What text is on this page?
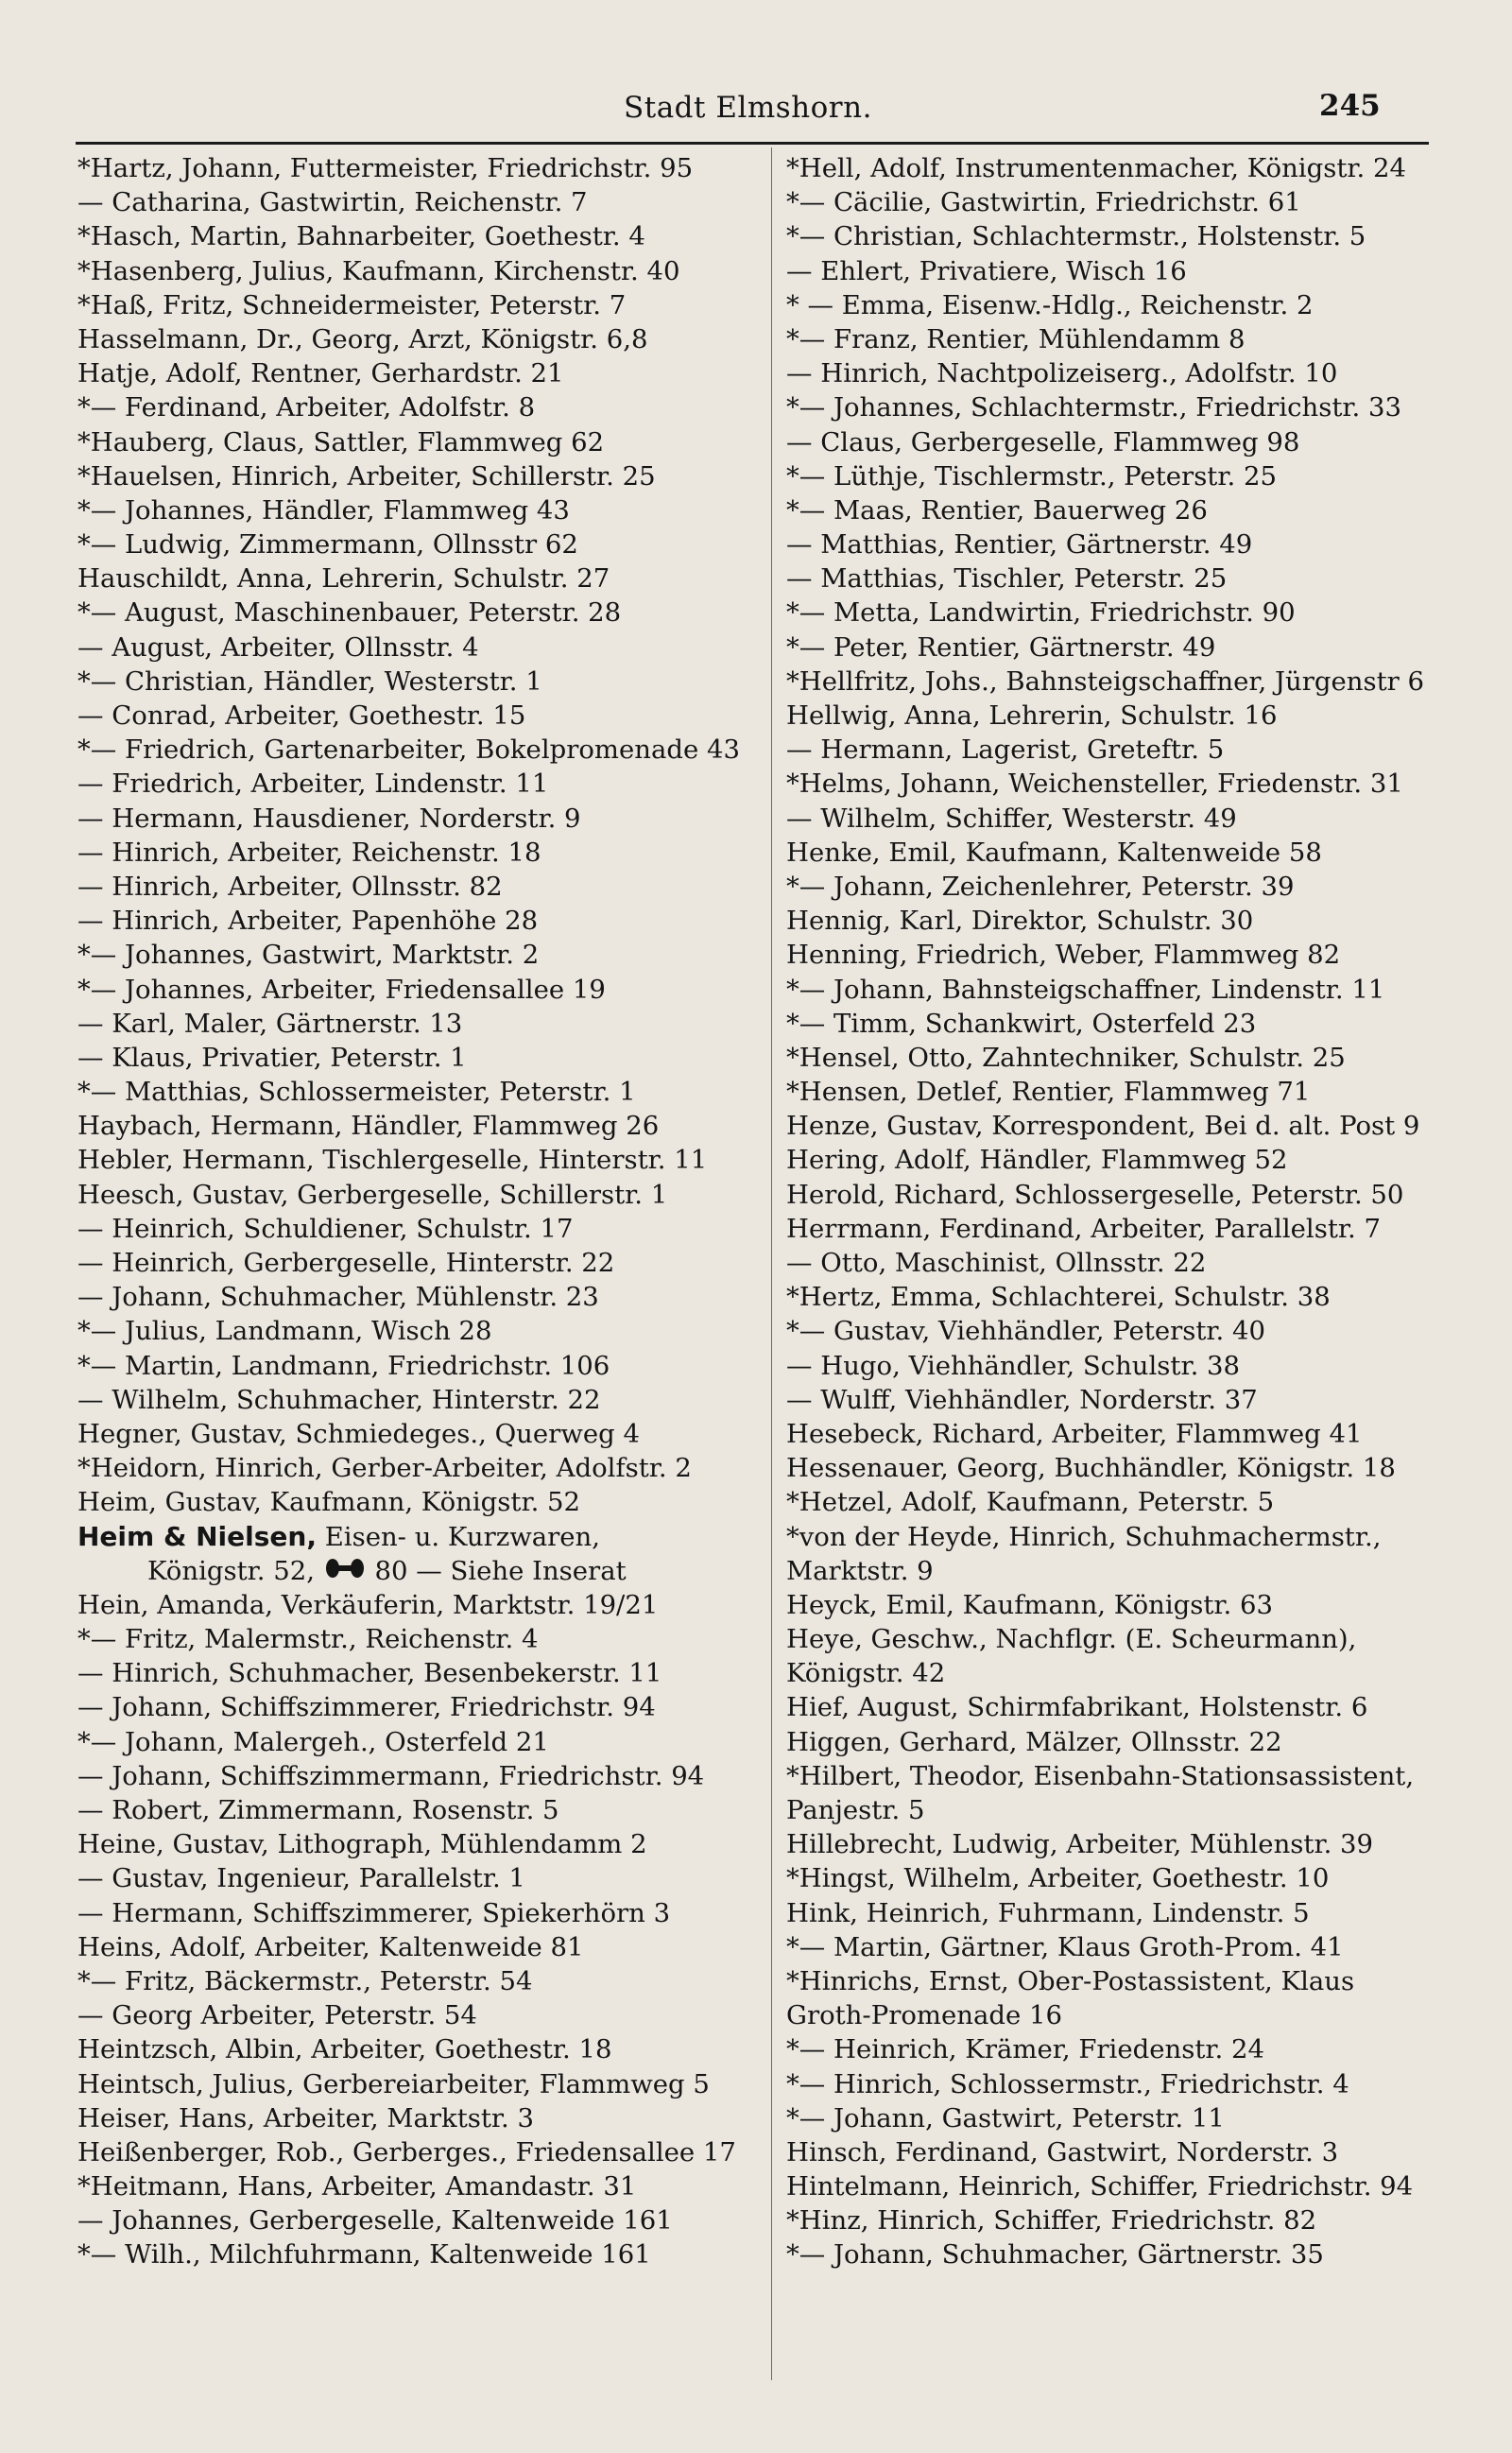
Stadt Elmshorn.	245
*Hartz, Johann, Futtermeister, Friedrichstr. 95
— Catharina, Gastwirtin, Reichenstr. 7
*Hasch, Martin, Bahnarbeiter, Goethestr. 4
*Hasenberg, Julius, Kaufmann, Kirchenstr. 40
*Haß, Fritz, Schneidermeister, Peterstr. 7
Hasselmann, Dr., Georg, Arzt, Königstr. 6,8
Hatje, Adolf, Rentner, Gerhardstr. 21
*— Ferdinand, Arbeiter, Adolfstr. 8
*Hauberg, Claus, Sattler, Flammweg 62
*Hauelsen, Hinrich, Arbeiter, Schillerstr. 25
*— Johannes, Händler, Flammweg 43
*— Ludwig, Zimmermann, Ollnsstr 62
Hauschildt, Anna, Lehrerin, Schulstr. 27
*— August, Maschinenbauer, Peterstr. 28
— August, Arbeiter, Ollnsstr. 4
*— Christian, Händler, Westerstr. 1
— Conrad, Arbeiter, Goethestr. 15
*— Friedrich, Gartenarbeiter, Bokelpromenade 43
— Friedrich, Arbeiter, Lindenstr. 11
— Hermann, Hausdiener, Norderstr. 9
— Hinrich, Arbeiter, Reichenstr. 18
— Hinrich, Arbeiter, Ollnsstr. 82
— Hinrich, Arbeiter, Papenhöhe 28
*— Johannes, Gastwirt, Marktstr. 2
*— Johannes, Arbeiter, Friedensallee 19
— Karl, Maler, Gärtnerstr. 13
— Klaus, Privatier, Peterstr. 1
*— Matthias, Schlossermeister, Peterstr. 1
Haybach, Hermann, Händler, Flammweg 26
Hebler, Hermann, Tischlergeselle, Hinterstr. 11
Heesch, Gustav, Gerbergeselle, Schillerstr. 1
— Heinrich, Schuldiener, Schulstr. 17
— Heinrich, Gerbergeselle, Hinterstr. 22
— Johann, Schuhmacher, Mühlenstr. 23
*— Julius, Landmann, Wisch 28
*— Martin, Landmann, Friedrichstr. 106
— Wilhelm, Schuhmacher, Hinterstr. 22
Hegner, Gustav, Schmiedeges., Querweg 4
*Heidorn, Hinrich, Gerber-Arbeiter, Adolfstr. 2
Heim, Gustav, Kaufmann, Königstr. 52
Heim & Nielsen, Eisen- u. Kurzwaren,
Königstr. 52, 80 — Siehe Inserat
Hein, Amanda, Verkäuferin, Marktstr. 19/21
*— Fritz, Malermstr., Reichenstr. 4
— Hinrich, Schuhmacher, Besenbekerstr. 11
— Johann, Schiffszimmerer, Friedrichstr. 94
*— Johann, Malergeh., Osterfeld 21
— Johann, Schiffszimmermann, Friedrichstr. 94
— Robert, Zimmermann, Rosenstr. 5
Heine, Gustav, Lithograph, Mühlendamm 2
— Gustav, Ingenieur, Parallelstr. 1
— Hermann, Schiffszimmerer, Spiekerhörn 3
Heins, Adolf, Arbeiter, Kaltenweide 81
*— Fritz, Bäckermstr., Peterstr. 54
— Georg Arbeiter, Peterstr. 54
Heintzsch, Albin, Arbeiter, Goethestr. 18
Heintsch, Julius, Gerbereiarbeiter, Flammweg 5
Heiser, Hans, Arbeiter, Marktstr. 3
Heißenberger, Rob., Gerberges., Friedensallee 17
*Heitmann, Hans, Arbeiter, Amandastr. 31
— Johannes, Gerbergeselle, Kaltenweide 161
*— Wilh., Milchfuhrmann, Kaltenweide 161
*Hell, Adolf, Instrumentenmacher, Königstr. 24
*— Cäcilie, Gastwirtin, Friedrichstr. 61
*— Christian, Schlachtermstr., Holstenstr. 5
— Ehlert, Privatiere, Wisch 16
* — Emma, Eisenw.-Hdlg., Reichenstr. 2
*— Franz, Rentier, Mühlendamm 8
— Hinrich, Nachtpolizeiserg., Adolfstr. 10
*— Johannes, Schlachtermstr., Friedrichstr. 33
— Claus, Gerbergeselle, Flammweg 98
*— Lüthje, Tischlermstr., Peterstr. 25
*— Maas, Rentier, Bauerweg 26
— Matthias, Rentier, Gärtnerstr. 49
— Matthias, Tischler, Peterstr. 25
*— Metta, Landwirtin, Friedrichstr. 90
*— Peter, Rentier, Gärtnerstr. 49
*Hellfritz, Johs., Bahnsteigschaffner, Jürgenstr 6
Hellwig, Anna, Lehrerin, Schulstr. 16
— Hermann, Lagerist, Greteftr. 5
*Helms, Johann, Weichensteller, Friedenstr. 31
— Wilhelm, Schiffer, Westerstr. 49
Henke, Emil, Kaufmann, Kaltenweide 58
*— Johann, Zeichenlehrer, Peterstr. 39
Hennig, Karl, Direktor, Schulstr. 30
Henning, Friedrich, Weber, Flammweg 82
*— Johann, Bahnsteigschaffner, Lindenstr. 11
*— Timm, Schankwirt, Osterfeld 23
*Hensel, Otto, Zahntechniker, Schulstr. 25
*Hensen, Detlef, Rentier, Flammweg 71
Henze, Gustav, Korrespondent, Bei d. alt. Post 9
Hering, Adolf, Händler, Flammweg 52
Herold, Richard, Schlossergeselle, Peterstr. 50
Herrmann, Ferdinand, Arbeiter, Parallelstr. 7
— Otto, Maschinist, Ollnsstr. 22
*Hertz, Emma, Schlachterei, Schulstr. 38
*— Gustav, Viehhändler, Peterstr. 40
— Hugo, Viehhändler, Schulstr. 38
— Wulff, Viehhändler, Norderstr. 37
Hesebeck, Richard, Arbeiter, Flammweg 41
Hessenauer, Georg, Buchhändler, Königstr. 18
*Hetzel, Adolf, Kaufmann, Peterstr. 5
*von der Heyde, Hinrich, Schuhmachermstr.,
Marktstr. 9
Heyck, Emil, Kaufmann, Königstr. 63
Heye, Geschw., Nachflgr. (E. Scheurmann),
Königstr. 42
Hief, August, Schirmfabrikant, Holstenstr. 6
Higgen, Gerhard, Mälzer, Ollnsstr. 22
*Hilbert, Theodor, Eisenbahn-Stationsassistent,
Panjestr. 5
Hillebrecht, Ludwig, Arbeiter, Mühlenstr. 39
*Hingst, Wilhelm, Arbeiter, Goethestr. 10
Hink, Heinrich, Fuhrmann, Lindenstr. 5
*— Martin, Gärtner, Klaus Groth-Prom. 41
*Hinrichs, Ernst, Ober-Postassistent, Klaus
Groth-Promenade 16
*— Heinrich, Krämer, Friedenstr. 24
*— Hinrich, Schlossermstr., Friedrichstr. 4
*— Johann, Gastwirt, Peterstr. 11
Hinsch, Ferdinand, Gastwirt, Norderstr. 3
Hintelmann, Heinrich, Schiffer, Friedrichstr. 94
*Hinz, Hinrich, Schiffer, Friedrichstr. 82
*— Johann, Schuhmacher, Gärtnerstr. 35
